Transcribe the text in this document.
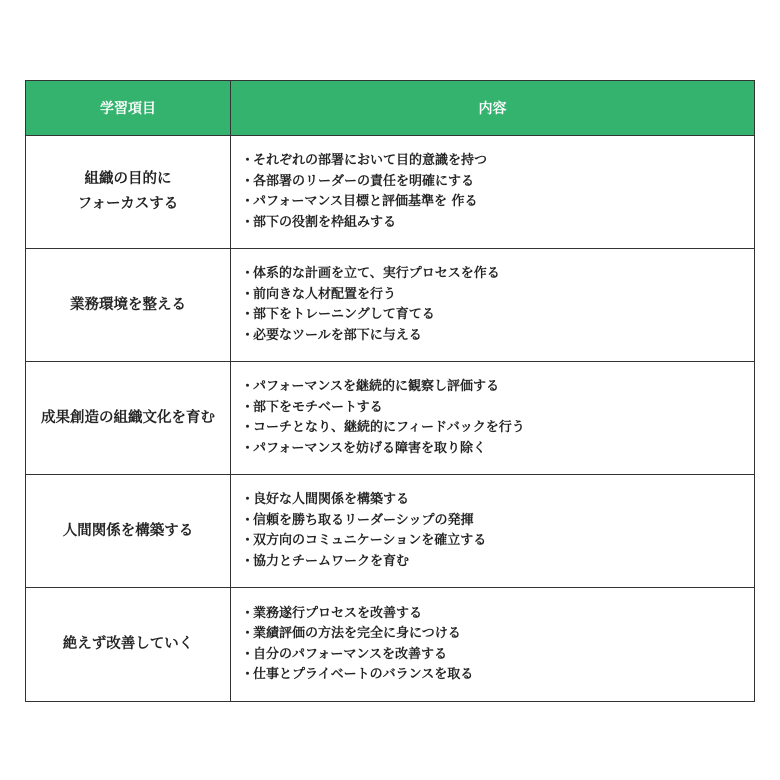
学習項目	内容
組織の目的に
フォーカスする
・それぞれの部署において目的意識を持つ
・各部署のリーダーの責任を明確にする
・パフォーマンス目標と評価基準を 作る
・部下の役割を枠組みする
業務環境を整える
・体系的な計画を立て、実行プロセスを作る
・前向きな人材配置を行う
・部下をトレーニングして育てる
・必要なツールを部下に与える
成果創造の組織文化を育む
・パフォーマンスを継続的に観察し評価する
・部下をモチベートする
・コーチとなり、継続的にフィードバックを行う
・パフォーマンスを妨げる障害を取り除く
人間関係を構築する
・良好な人間関係を構築する
・信頼を勝ち取るリーダーシップの発揮
・双方向のコミュニケーションを確立する
・協力とチームワークを育む
絶えず改善していく
・業務遂行プロセスを改善する
・業績評価の方法を完全に身につける
・自分のパフォーマンスを改善する
・仕事とプライベートのバランスを取る
